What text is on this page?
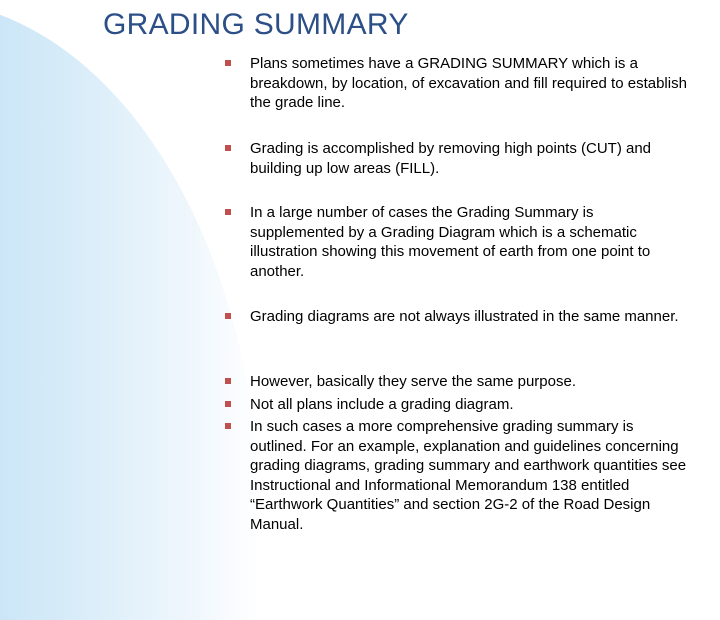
GRADING SUMMARY
Plans sometimes have a GRADING SUMMARY which is a breakdown, by location, of excavation and fill required to establish the grade line.
Grading is accomplished by removing high points (CUT) and building up low areas (FILL).
In a large number of cases the Grading Summary is supplemented by a Grading Diagram which is a schematic illustration showing this movement of earth from one point to another.
Grading diagrams are not always illustrated in the same manner.
However, basically they serve the same purpose.
Not all plans include a grading diagram.
In such cases a more comprehensive grading summary is outlined. For an example, explanation and guidelines concerning grading diagrams, grading summary and earthwork quantities see Instructional and Informational Memorandum 138 entitled “Earthwork Quantities” and section 2G-2 of the Road Design Manual.
